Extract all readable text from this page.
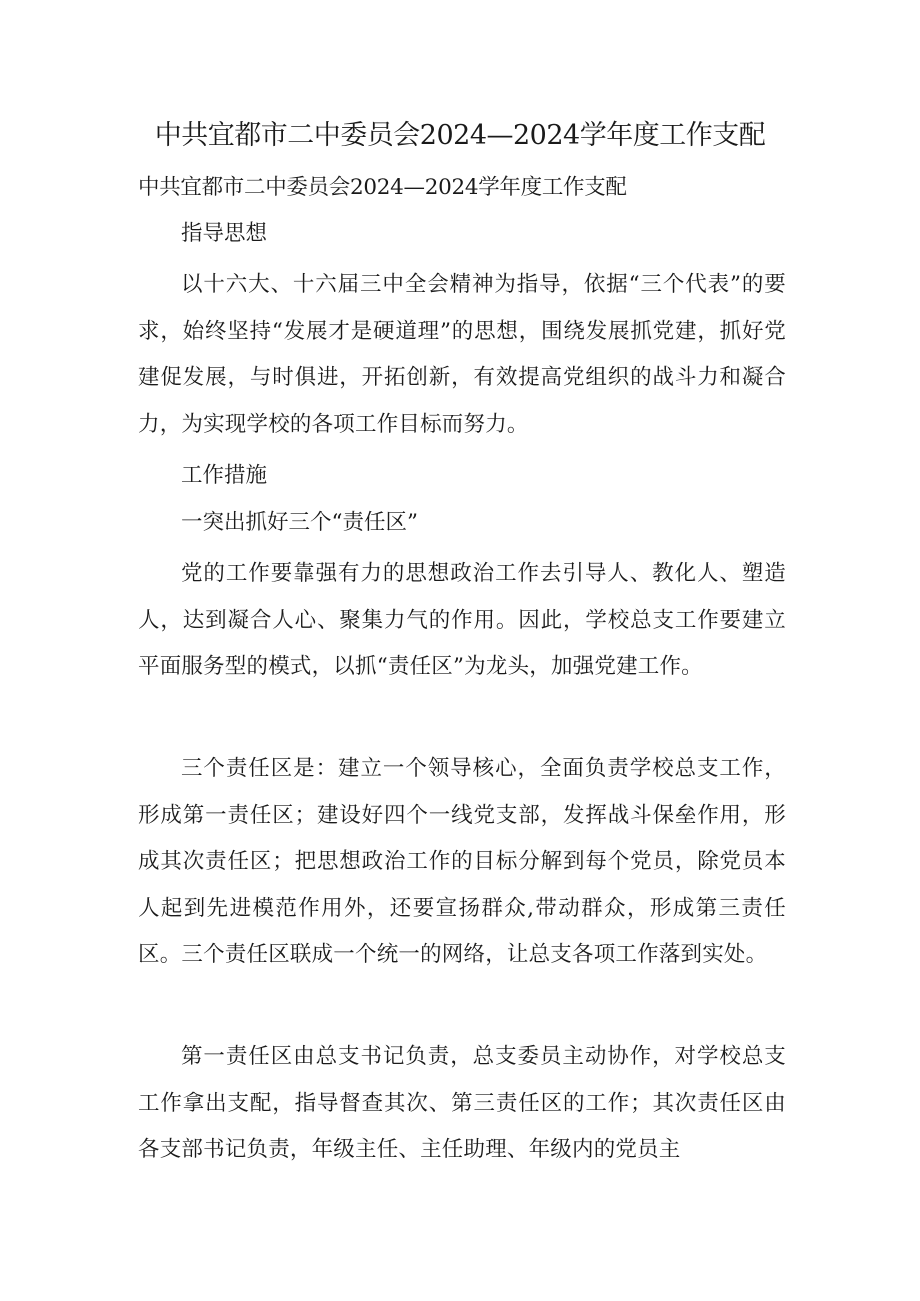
中共宜都市二中委员会2024—2024学年度工作支配

中共宜都市二中委员会2024—2024学年度工作支配

指导思想

以十六大、十六届三中全会精神为指导，依据“三个代表”的要求，始终坚持“发展才是硬道理”的思想，围绕发展抓党建，抓好党建促发展，与时俱进，开拓创新，有效提高党组织的战斗力和凝合力，为实现学校的各项工作目标而努力。

工作措施

一突出抓好三个“责任区”

党的工作要靠强有力的思想政治工作去引导人、教化人、塑造人，达到凝合人心、聚集力气的作用。因此，学校总支工作要建立平面服务型的模式，以抓“责任区”为龙头，加强党建工作。

三个责任区是：建立一个领导核心，全面负责学校总支工作，形成第一责任区；建设好四个一线党支部，发挥战斗保垒作用，形成其次责任区；把思想政治工作的目标分解到每个党员，除党员本人起到先进模范作用外，还要宣扬群众,带动群众，形成第三责任区。三个责任区联成一个统一的网络，让总支各项工作落到实处。

第一责任区由总支书记负责，总支委员主动协作，对学校总支工作拿出支配，指导督查其次、第三责任区的工作；其次责任区由各支部书记负责，年级主任、主任助理、年级内的党员主
